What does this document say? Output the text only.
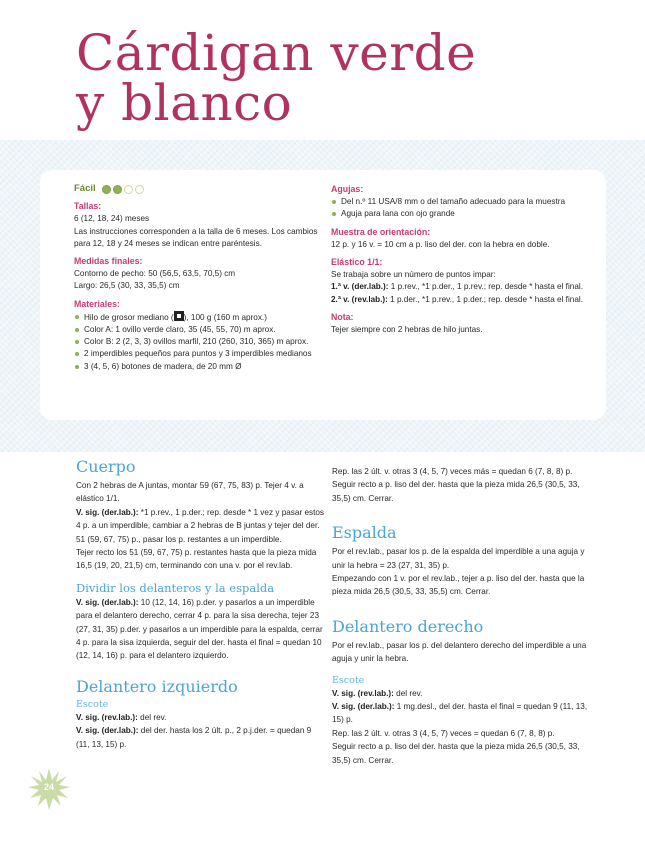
Cárdigan verde
y blanco
Fácil
Tallas:

6 (12, 18, 24) meses

Las instrucciones corresponden a la talla de 6 meses. Los cambios para 12, 18 y 24 meses se indican entre paréntesis.

Medidas finales:

Contorno de pecho: 50 (56,5, 63,5, 70,5) cm

Largo: 26,5 (30, 33, 35,5) cm

Materiales:
Hilo de grosor mediano ( ), 100 g (160 m aprox.)
Color A: 1 ovillo verde claro, 35 (45, 55, 70) m aprox.
Color B: 2 (2, 3, 3) ovillos marfil, 210 (260, 310, 365) m aprox.
2 imperdibles pequeños para puntos y 3 imperdibles medianos
3 (4, 5, 6) botones de madera, de 20 mm Ø
Agujas:
Del n.º 11 USA/8 mm o del tamaño adecuado para la muestra
Aguja para lana con ojo grande
Muestra de orientación:

12 p. y 16 v. = 10 cm a p. liso del der. con la hebra en doble.

Elástico 1/1:

Se trabaja sobre un número de puntos impar:

1.ª v. (der.lab.): 1 p.rev., *1 p.der., 1 p.rev.; rep. desde * hasta el final.

2.ª v. (rev.lab.): 1 p.der., *1 p.rev., 1 p.der.; rep. desde * hasta el final.

Nota:

Tejer siempre con 2 hebras de hilo juntas.

Cuerpo

Con 2 hebras de A juntas, montar 59 (67, 75, 83) p. Tejer 4 v. a elástico 1/1.

V. sig. (der.lab.): *1 p.rev., 1 p.der.; rep. desde * 1 vez y pasar estos 4 p. a un imperdible, cambiar a 2 hebras de B juntas y tejer del der. 51 (59, 67, 75) p., pasar los p. restantes a un imperdible.

Tejer recto los 51 (59, 67, 75) p. restantes hasta que la pieza mida 16,5 (19, 20, 21,5) cm, terminando con una v. por el rev.lab.

Dividir los delanteros y la espalda

V. sig. (der.lab.): 10 (12, 14, 16) p.der. y pasarlos a un imperdible para el delantero derecho, cerrar 4 p. para la sisa derecha, tejer 23 (27, 31, 35) p.der. y pasarlos a un imperdible para la espalda, cerrar 4 p. para la sisa izquierda, seguir del der. hasta el final = quedan 10 (12, 14, 16) p. para el delantero izquierdo.

Delantero izquierdo
Escote

V. sig. (rev.lab.): del rev.

V. sig. (der.lab.): del der. hasta los 2 últ. p., 2 p.j.der. = quedan 9 (11, 13, 15) p.

Rep. las 2 últ. v. otras 3 (4, 5, 7) veces más = quedan 6 (7, 8, 8) p.

Seguir recto a p. liso del der. hasta que la pieza mida 26,5 (30,5, 33, 35,5) cm. Cerrar.

Espalda

Por el rev.lab., pasar los p. de la espalda del imperdible a una aguja y unir la hebra = 23 (27, 31, 35) p.

Empezando con 1 v. por el rev.lab., tejer a p. liso del der. hasta que la pieza mida 26,5 (30,5, 33, 35,5) cm. Cerrar.

Delantero derecho

Por el rev.lab., pasar los p. del delantero derecho del imperdible a una aguja y unir la hebra.

Escote

V. sig. (rev.lab.): del rev.

V. sig. (der.lab.): 1 mg.desl., del der. hasta el final = quedan 9 (11, 13, 15) p.

Rep. las 2 últ. v. otras 3 (4, 5, 7) veces = quedan 6 (7, 8, 8) p.

Seguir recto a p. liso del der. hasta que la pieza mida 26,5 (30,5, 33, 35,5) cm. Cerrar.

24
